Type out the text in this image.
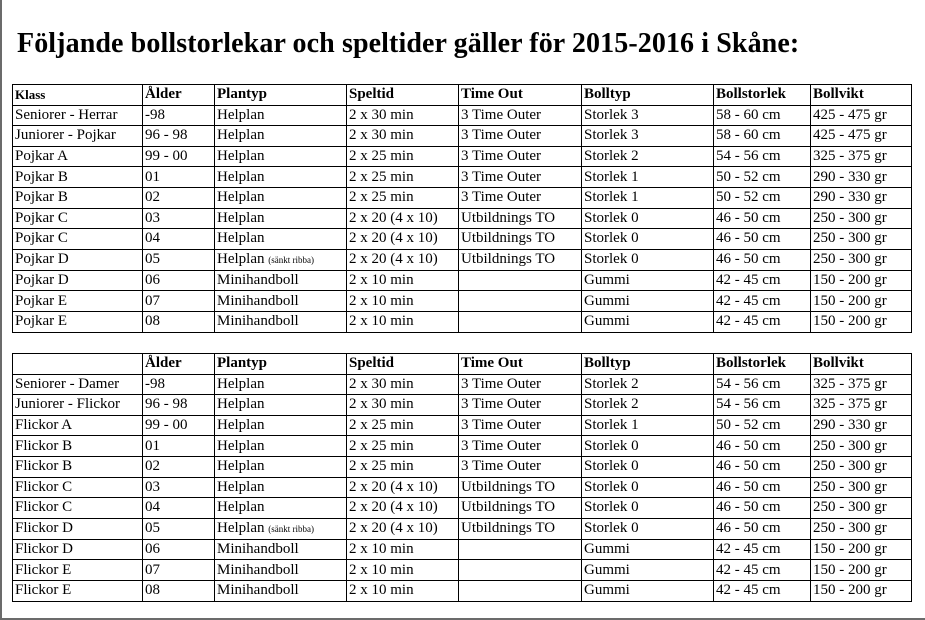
Följande bollstorlekar och speltider gäller för 2015-2016 i Skåne:
Klass	Ålder	Plantyp	Speltid	Time Out	Bolltyp	Bollstorlek	Bollvikt
Seniorer - Herrar	-98	Helplan	2 x 30 min	3 Time Outer	Storlek 3	58 - 60 cm	425 - 475 gr
Juniorer - Pojkar	96 - 98	Helplan	2 x 30 min	3 Time Outer	Storlek 3	58 - 60 cm	425 - 475 gr
Pojkar A	99 - 00	Helplan	2 x 25 min	3 Time Outer	Storlek 2	54 - 56 cm	325 - 375 gr
Pojkar B	01	Helplan	2 x 25 min	3 Time Outer	Storlek 1	50 - 52 cm	290 - 330 gr
Pojkar B	02	Helplan	2 x 25 min	3 Time Outer	Storlek 1	50 - 52 cm	290 - 330 gr
Pojkar C	03	Helplan	2 x 20 (4 x 10)	Utbildnings TO	Storlek 0	46 - 50 cm	250 - 300 gr
Pojkar C	04	Helplan	2 x 20 (4 x 10)	Utbildnings TO	Storlek 0	46 - 50 cm	250 - 300 gr
Pojkar D	05	Helplan (sänkt ribba)	2 x 20 (4 x 10)	Utbildnings TO	Storlek 0	46 - 50 cm	250 - 300 gr
Pojkar D	06	Minihandboll	2 x 10 min		Gummi	42 - 45 cm	150 - 200 gr
Pojkar E	07	Minihandboll	2 x 10 min		Gummi	42 - 45 cm	150 - 200 gr
Pojkar E	08	Minihandboll	2 x 10 min		Gummi	42 - 45 cm	150 - 200 gr
	Ålder	Plantyp	Speltid	Time Out	Bolltyp	Bollstorlek	Bollvikt
Seniorer - Damer	-98	Helplan	2 x 30 min	3 Time Outer	Storlek 2	54 - 56 cm	325 - 375 gr
Juniorer - Flickor	96 - 98	Helplan	2 x 30 min	3 Time Outer	Storlek 2	54 - 56 cm	325 - 375 gr
Flickor A	99 - 00	Helplan	2 x 25 min	3 Time Outer	Storlek 1	50 - 52 cm	290 - 330 gr
Flickor B	01	Helplan	2 x 25 min	3 Time Outer	Storlek 0	46 - 50 cm	250 - 300 gr
Flickor B	02	Helplan	2 x 25 min	3 Time Outer	Storlek 0	46 - 50 cm	250 - 300 gr
Flickor C	03	Helplan	2 x 20 (4 x 10)	Utbildnings TO	Storlek 0	46 - 50 cm	250 - 300 gr
Flickor C	04	Helplan	2 x 20 (4 x 10)	Utbildnings TO	Storlek 0	46 - 50 cm	250 - 300 gr
Flickor D	05	Helplan (sänkt ribba)	2 x 20 (4 x 10)	Utbildnings TO	Storlek 0	46 - 50 cm	250 - 300 gr
Flickor D	06	Minihandboll	2 x 10 min		Gummi	42 - 45 cm	150 - 200 gr
Flickor E	07	Minihandboll	2 x 10 min		Gummi	42 - 45 cm	150 - 200 gr
Flickor E	08	Minihandboll	2 x 10 min		Gummi	42 - 45 cm	150 - 200 gr
